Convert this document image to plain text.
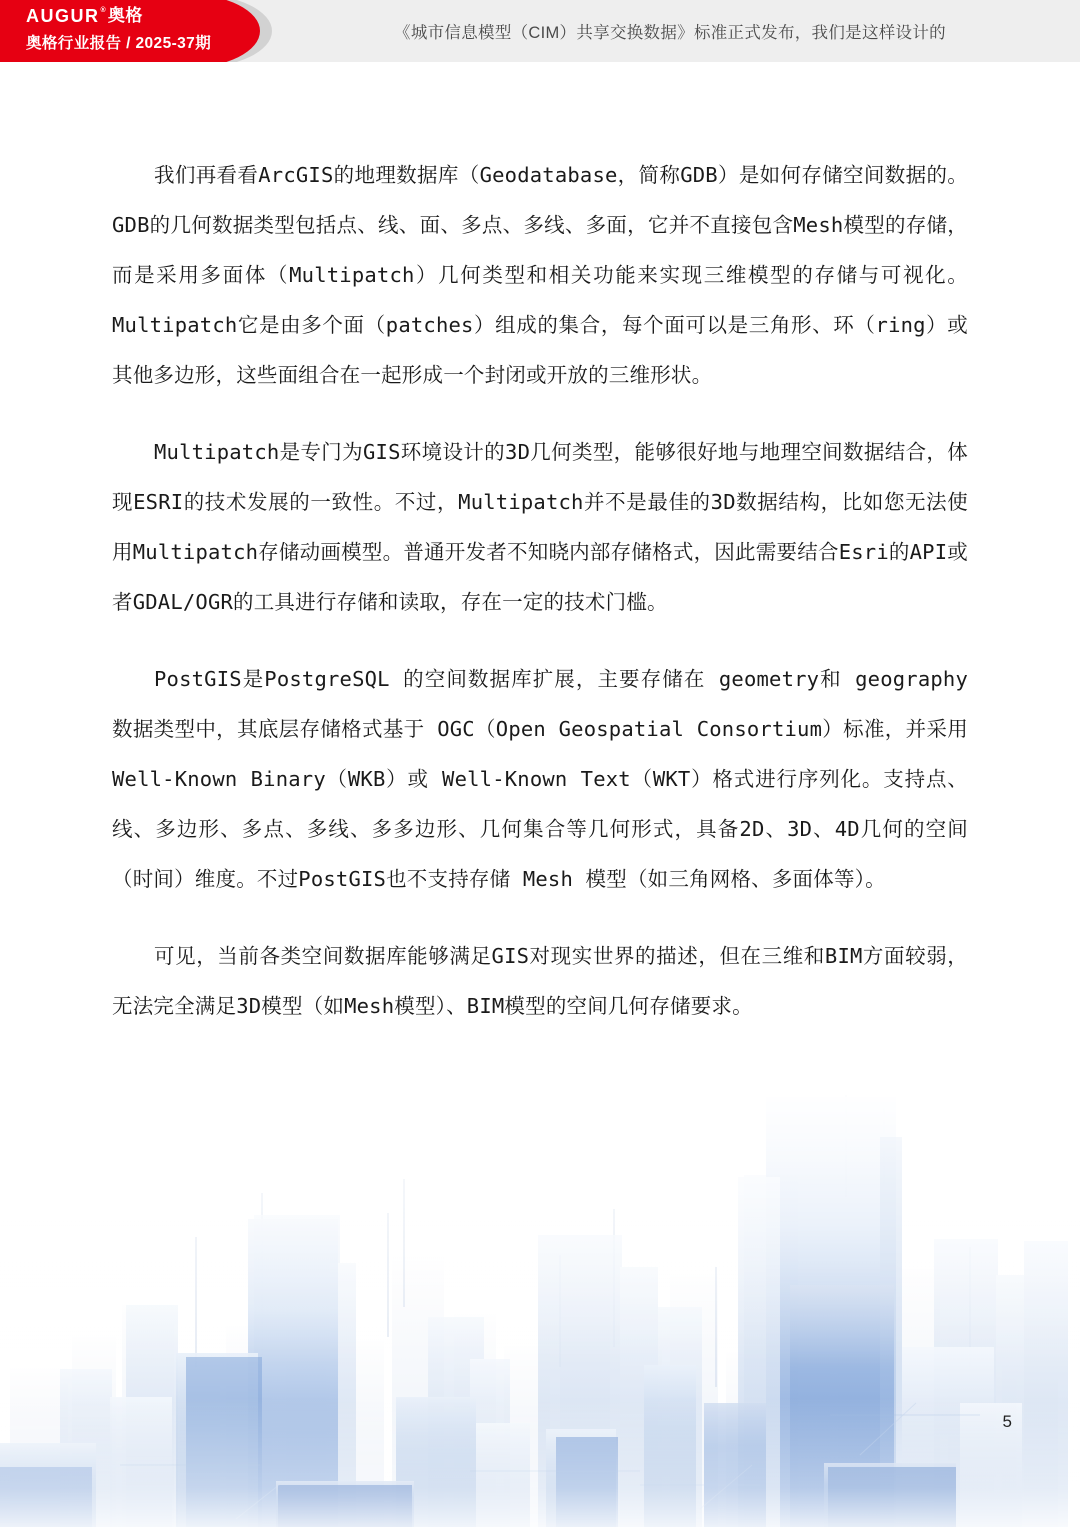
AUGUR ® 奥格
奥格行业报告 / 2025-37期
《城市信息模型（CIM）共享交换数据》标准正式发布，我们是这样设计的

我们再看看ArcGIS的地理数据库（Geodatabase，简称GDB）是如何存储空间数据的。GDB的几何数据类型包括点、线、面、多点、多线、多面，它并不直接包含Mesh模型的存储，而是采用多面体（Multipatch）几何类型和相关功能来实现三维模型的存储与可视化。Multipatch它是由多个面（patches）组成的集合，每个面可以是三角形、环（ring）或其他多边形，这些面组合在一起形成一个封闭或开放的三维形状。

Multipatch是专门为GIS环境设计的3D几何类型，能够很好地与地理空间数据结合，体现ESRI的技术发展的一致性。不过，Multipatch并不是最佳的3D数据结构，比如您无法使用Multipatch存储动画模型。普通开发者不知晓内部存储格式，因此需要结合Esri的API或者GDAL/OGR的工具进行存储和读取，存在一定的技术门槛。

PostGIS是PostgreSQL 的空间数据库扩展，主要存储在 geometry和 geography数据类型中，其底层存储格式基于 OGC（Open Geospatial Consortium）标准，并采用 Well-Known Binary（WKB）或 Well-Known Text（WKT）格式进行序列化。支持点、线、多边形、多点、多线、多多边形、几何集合等几何形式，具备2D、3D、4D几何的空间（时间）维度。不过PostGIS也不支持存储 Mesh 模型（如三角网格、多面体等）。

可见，当前各类空间数据库能够满足GIS对现实世界的描述，但在三维和BIM方面较弱，无法完全满足3D模型（如Mesh模型）、BIM模型的空间几何存储要求。

5
